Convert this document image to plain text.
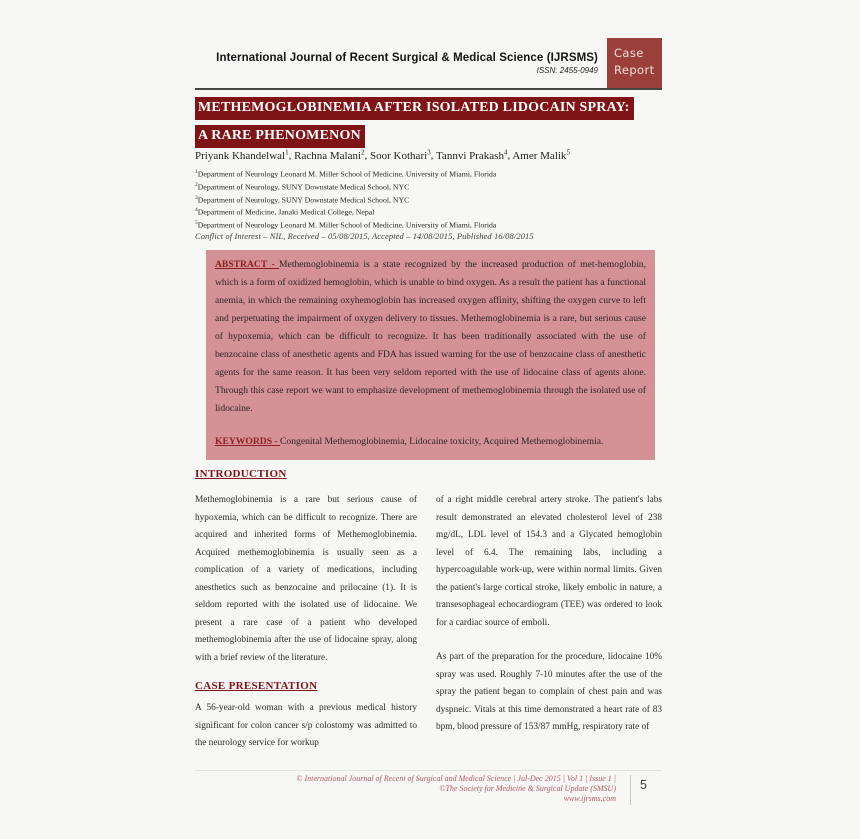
International Journal of Recent Surgical & Medical Science (IJRSMS)
ISSN: 2455-0949
Case
Report
METHEMOGLOBINEMIA AFTER ISOLATED LIDOCAIN SPRAY:
A RARE PHENOMENON
Priyank Khandelwal$^1$, Rachna Malani$^2$, Soor Kothari$^3$, Tannvi Prakash$^4$, Amer Malik$^5$
$^1$Department of Neurology Leonard M. Miller School of Medicine, University of Miami, Florida
$^2$Department of Neurology, SUNY Downstate Medical School, NYC
$^3$Department of Neurology, SUNY Downstate Medical School, NYC
$^4$Department of Medicine, Janaki Medical College, Nepal
$^5$Department of Neurology Leonard M. Miller School of Medicine, University of Miami, Florida
Conflict of Interest – NIL, Received – 05/08/2015, Accepted – 14/08/2015, Published 16/08/2015

ABSTRACT - Methemoglobinemia is a state recognized by the increased production of met-hemoglobin, which is a form of oxidized hemoglobin, which is unable to bind oxygen. As a result the patient has a functional anemia, in which the remaining oxyhemoglobin has increased oxygen affinity, shifting the oxygen curve to left and perpetuating the impairment of oxygen delivery to tissues. Methemoglobinemia is a rare, but serious cause of hypoxemia, which can be difficult to recognize. It has been traditionally associated with the use of benzocaine class of anesthetic agents and FDA has issued warning for the use of benzocaine class of anesthetic agents for the same reason. It has been very seldom reported with the use of lidocaine class of agents alone. Through this case report we want to emphasize development of methemoglobinemia through the isolated use of lidocaine.

KEYWORDS - Congenital Methemoglobinemia, Lidocaine toxicity, Acquired Methemoglobinemia.

INTRODUCTION

Methemoglobinemia is a rare but serious cause of hypoxemia, which can be difficult to recognize. There are acquired and inherited forms of Methemoglobinemia. Acquired methemoglobinemia is usually seen as a complication of a variety of medications, including anesthetics such as benzocaine and prilocaine (1). It is seldom reported with the isolated use of lidocaine. We present a rare case of a patient who developed methemoglobinemia after the use of lidocaine spray, along with a brief review of the literature.

CASE PRESENTATION

A 56-year-old woman with a previous medical history significant for colon cancer s/p colostomy was admitted to the neurology service for workup

of a right middle cerebral artery stroke. The patient's labs result demonstrated an elevated cholesterol level of 238 mg/dL, LDL level of 154.3 and a Glycated hemoglobin level of 6.4. The remaining labs, including a hypercoagulable work-up, were within normal limits. Given the patient's large cortical stroke, likely embolic in nature, a transesophageal echocardiogram (TEE) was ordered to look for a cardiac source of emboli.

As part of the preparation for the procedure, lidocaine 10% spray was used. Roughly 7-10 minutes after the use of the spray the patient began to complain of chest pain and was dyspneic. Vitals at this time demonstrated a heart rate of 83 bpm, blood pressure of 153/87 mmHg, respiratory rate of

© International Journal of Recent of Surgical and Medical Science | Jul-Dec 2015 | Vol 1 | Issue 1 |
©The Society for Medicine & Surgical Update (SMSU)
www.ijrsms.com
5
